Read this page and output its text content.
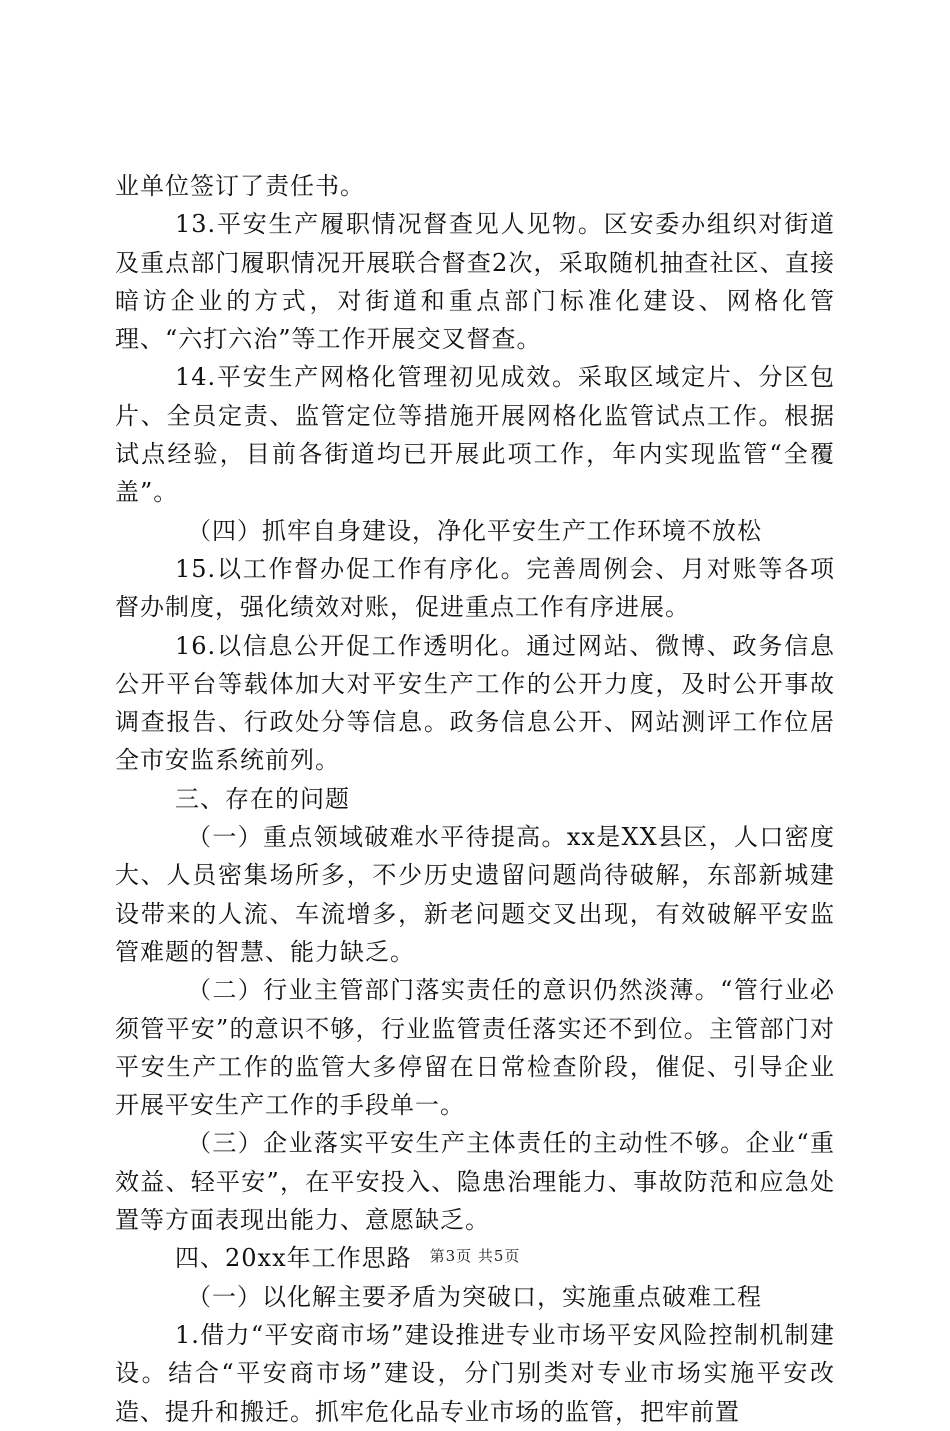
业单位签订了责任书。

13.平安生产履职情况督查见人见物。区安委办组织对街道及重点部门履职情况开展联合督查2次，采取随机抽查社区、直接暗访企业的方式，对街道和重点部门标准化建设、网格化管理、“六打六治”等工作开展交叉督查。

14.平安生产网格化管理初见成效。采取区域定片、分区包片、全员定责、监管定位等措施开展网格化监管试点工作。根据试点经验，目前各街道均已开展此项工作，年内实现监管“全覆盖”。

（四）抓牢自身建设，净化平安生产工作环境不放松

15.以工作督办促工作有序化。完善周例会、月对账等各项督办制度，强化绩效对账，促进重点工作有序进展。

16.以信息公开促工作透明化。通过网站、微博、政务信息公开平台等载体加大对平安生产工作的公开力度，及时公开事故调查报告、行政处分等信息。政务信息公开、网站测评工作位居全市安监系统前列。

三、存在的问题

（一）重点领域破难水平待提高。xx是XX县区，人口密度大、人员密集场所多，不少历史遗留问题尚待破解，东部新城建设带来的人流、车流增多，新老问题交叉出现，有效破解平安监管难题的智慧、能力缺乏。

（二）行业主管部门落实责任的意识仍然淡薄。“管行业必须管平安”的意识不够，行业监管责任落实还不到位。主管部门对平安生产工作的监管大多停留在日常检查阶段，催促、引导企业开展平安生产工作的手段单一。

（三）企业落实平安生产主体责任的主动性不够。企业“重效益、轻平安”，在平安投入、隐患治理能力、事故防范和应急处置等方面表现出能力、意愿缺乏。

四、20xx年工作思路

（一）以化解主要矛盾为突破口，实施重点破难工程

1.借力“平安商市场”建设推进专业市场平安风险控制机制建设。结合“平安商市场”建设，分门别类对专业市场实施平安改造、提升和搬迁。抓牢危化品专业市场的监管，把牢前置

第3页 共5页
